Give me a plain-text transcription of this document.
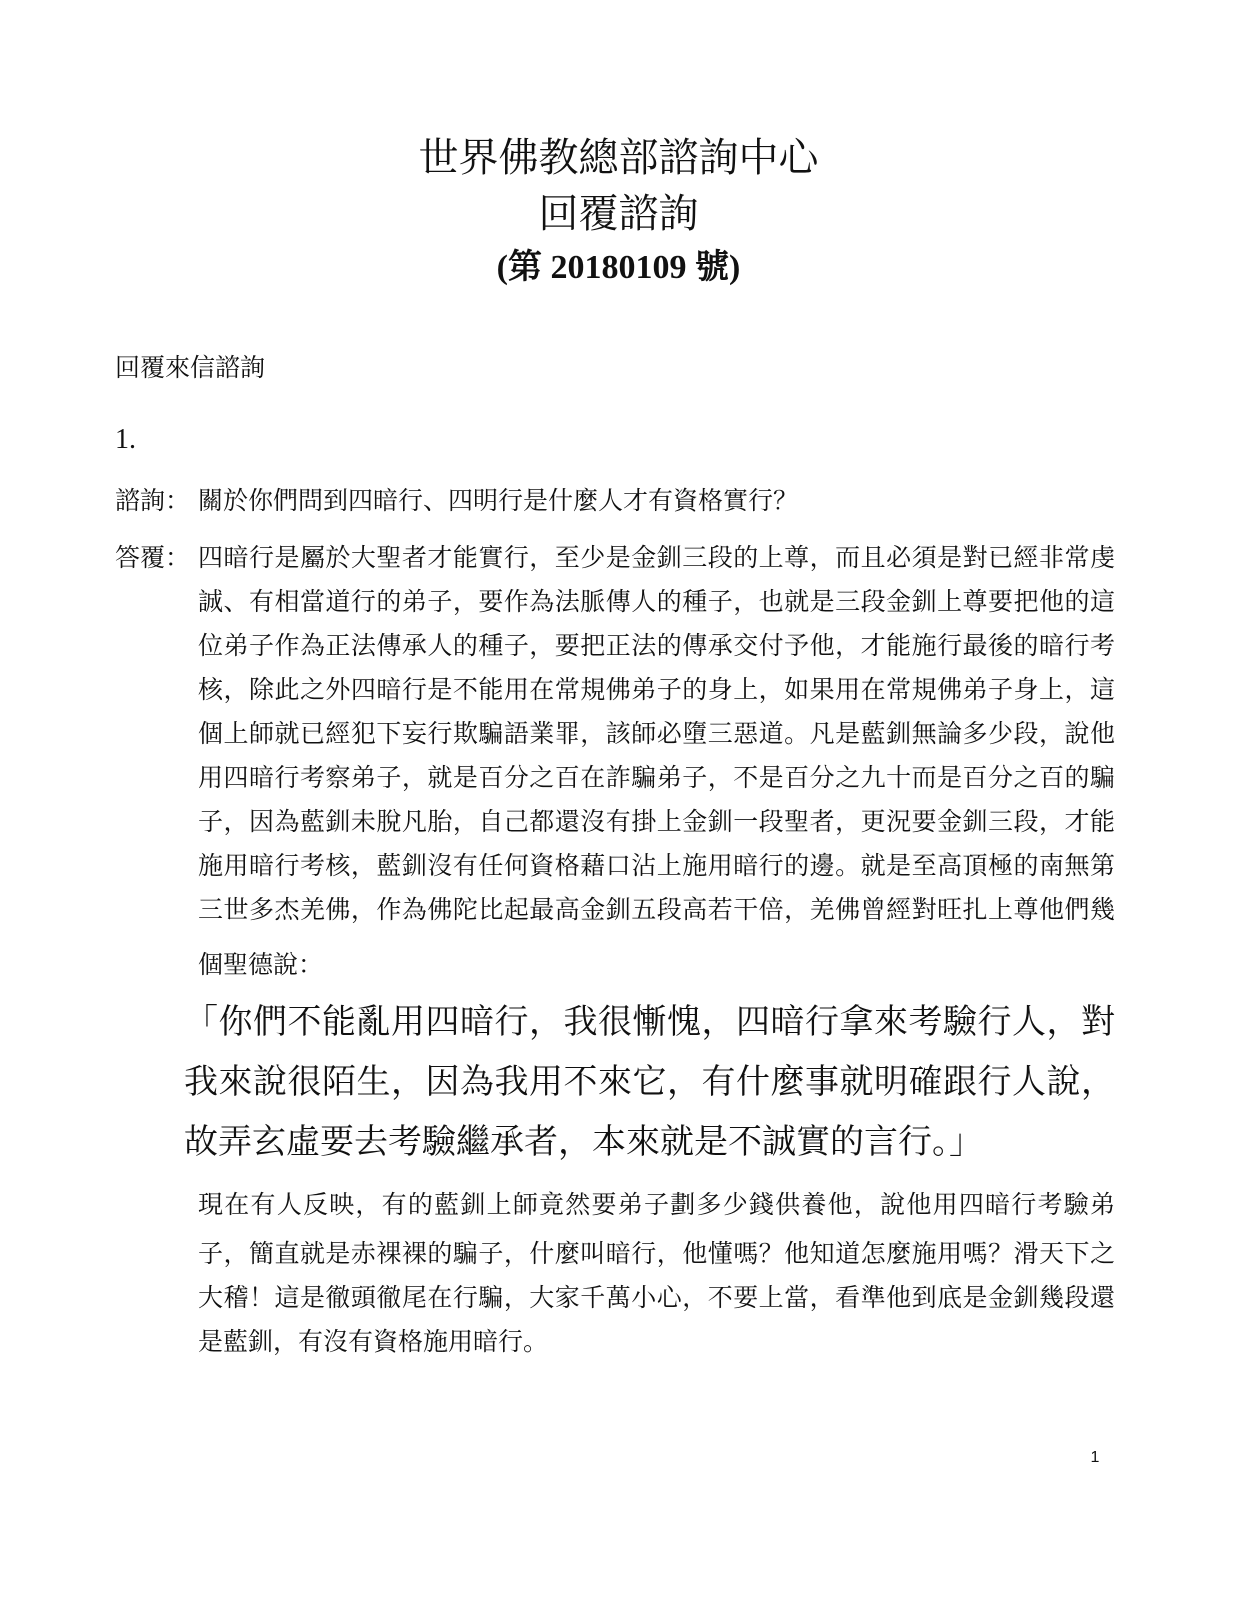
世界佛教總部諮詢中心

回覆諮詢

(第 20180109 號)

回覆來信諮詢

1.

諮詢： 關於你們問到四暗行、四明行是什麼人才有資格實行？
答覆： 四暗行是屬於大聖者才能實行，至少是金釧三段的上尊，而且必須是對已經非常虔誠、有相當道行的弟子，要作為法脈傳人的種子，也就是三段金釧上尊要把他的這位弟子作為正法傳承人的種子，要把正法的傳承交付予他，才能施行最後的暗行考核，除此之外四暗行是不能用在常規佛弟子的身上，如果用在常規佛弟子身上，這個上師就已經犯下妄行欺騙語業罪，該師必墮三惡道。凡是藍釧無論多少段，說他用四暗行考察弟子，就是百分之百在詐騙弟子，不是百分之九十而是百分之百的騙子，因為藍釧未脫凡胎，自己都還沒有掛上金釧一段聖者，更況要金釧三段，才能施用暗行考核，藍釧沒有任何資格藉口沾上施用暗行的邊。就是至高頂極的南無第三世多杰羌佛，作為佛陀比起最高金釧五段高若干倍，羌佛曾經對旺扎上尊他們幾個聖德說：
「你們不能亂用四暗行，我很慚愧，四暗行拿來考驗行人，對我來說很陌生，因為我用不來它，有什麼事就明確跟行人說，故弄玄虛要去考驗繼承者，本來就是不誠實的言行。」
現在有人反映，有的藍釧上師竟然要弟子劃多少錢供養他，說他用四暗行考驗弟子，簡直就是赤裸裸的騙子，什麼叫暗行，他懂嗎？他知道怎麼施用嗎？滑天下之大稽！這是徹頭徹尾在行騙，大家千萬小心，不要上當，看準他到底是金釧幾段還是藍釧，有沒有資格施用暗行。
1
